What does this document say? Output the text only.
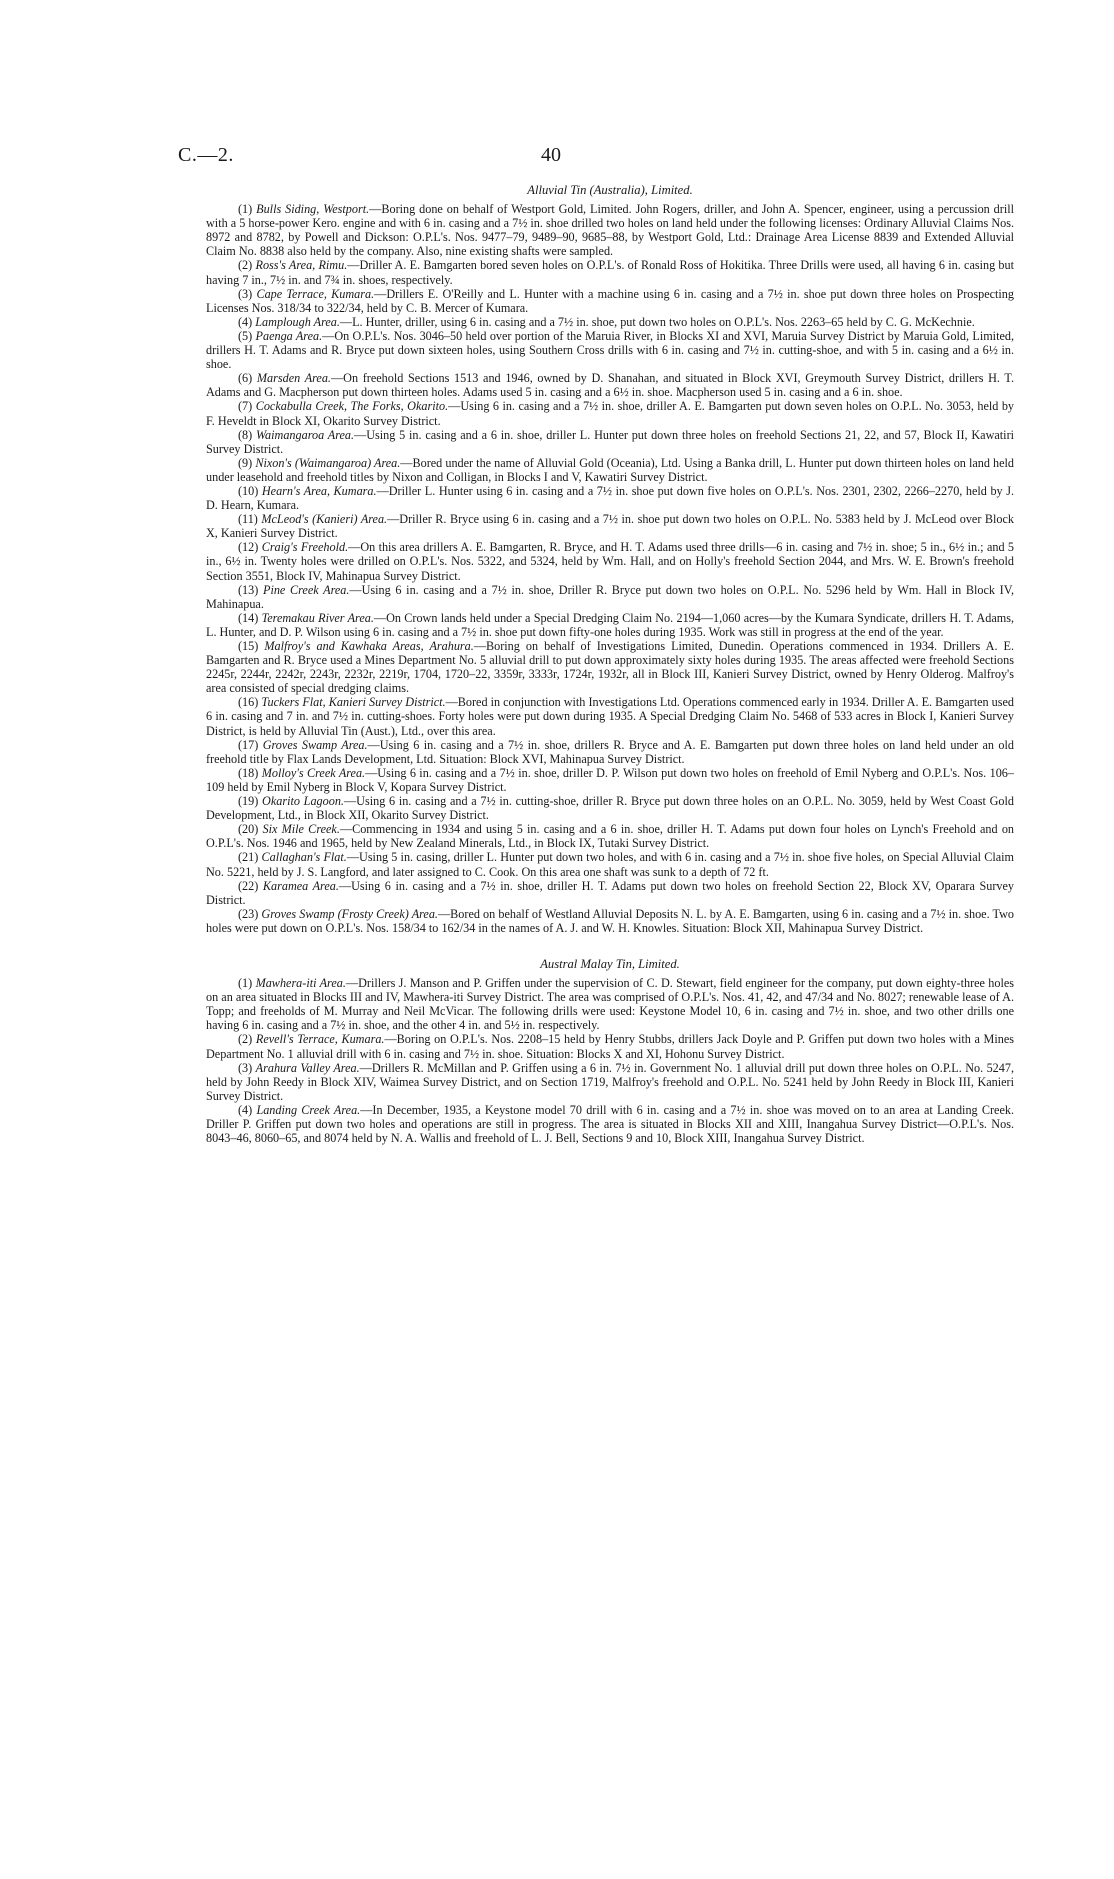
C.—2.	40
Alluvial Tin (Australia), Limited.

(1) Bulls Siding, Westport.—Boring done on behalf of Westport Gold, Limited. John Rogers, driller, and John A. Spencer, engineer, using a percussion drill with a 5 horse-power Kero. engine and with 6 in. casing and a 7½ in. shoe drilled two holes on land held under the following licenses: Ordinary Alluvial Claims Nos. 8972 and 8782, by Powell and Dickson: O.P.L's. Nos. 9477–79, 9489–90, 9685–88, by Westport Gold, Ltd.: Drainage Area License 8839 and Extended Alluvial Claim No. 8838 also held by the company. Also, nine existing shafts were sampled.

(2) Ross's Area, Rimu.—Driller A. E. Bamgarten bored seven holes on O.P.L's. of Ronald Ross of Hokitika. Three Drills were used, all having 6 in. casing but having 7 in., 7½ in. and 7¾ in. shoes, respectively.

(3) Cape Terrace, Kumara.—Drillers E. O'Reilly and L. Hunter with a machine using 6 in. casing and a 7½ in. shoe put down three holes on Prospecting Licenses Nos. 318/34 to 322/34, held by C. B. Mercer of Kumara.

(4) Lamplough Area.—L. Hunter, driller, using 6 in. casing and a 7½ in. shoe, put down two holes on O.P.L's. Nos. 2263–65 held by C. G. McKechnie.

(5) Paenga Area.—On O.P.L's. Nos. 3046–50 held over portion of the Maruia River, in Blocks XI and XVI, Maruia Survey District by Maruia Gold, Limited, drillers H. T. Adams and R. Bryce put down sixteen holes, using Southern Cross drills with 6 in. casing and 7½ in. cutting-shoe, and with 5 in. casing and a 6½ in. shoe.

(6) Marsden Area.—On freehold Sections 1513 and 1946, owned by D. Shanahan, and situated in Block XVI, Greymouth Survey District, drillers H. T. Adams and G. Macpherson put down thirteen holes. Adams used 5 in. casing and a 6½ in. shoe. Macpherson used 5 in. casing and a 6 in. shoe.

(7) Cockabulla Creek, The Forks, Okarito.—Using 6 in. casing and a 7½ in. shoe, driller A. E. Bamgarten put down seven holes on O.P.L. No. 3053, held by F. Heveldt in Block XI, Okarito Survey District.

(8) Waimangaroa Area.—Using 5 in. casing and a 6 in. shoe, driller L. Hunter put down three holes on freehold Sections 21, 22, and 57, Block II, Kawatiri Survey District.

(9) Nixon's (Waimangaroa) Area.—Bored under the name of Alluvial Gold (Oceania), Ltd. Using a Banka drill, L. Hunter put down thirteen holes on land held under leasehold and freehold titles by Nixon and Colligan, in Blocks I and V, Kawatiri Survey District.

(10) Hearn's Area, Kumara.—Driller L. Hunter using 6 in. casing and a 7½ in. shoe put down five holes on O.P.L's. Nos. 2301, 2302, 2266–2270, held by J. D. Hearn, Kumara.

(11) McLeod's (Kanieri) Area.—Driller R. Bryce using 6 in. casing and a 7½ in. shoe put down two holes on O.P.L. No. 5383 held by J. McLeod over Block X, Kanieri Survey District.

(12) Craig's Freehold.—On this area drillers A. E. Bamgarten, R. Bryce, and H. T. Adams used three drills—6 in. casing and 7½ in. shoe; 5 in., 6½ in.; and 5 in., 6½ in. Twenty holes were drilled on O.P.L's. Nos. 5322, and 5324, held by Wm. Hall, and on Holly's freehold Section 2044, and Mrs. W. E. Brown's freehold Section 3551, Block IV, Mahinapua Survey District.

(13) Pine Creek Area.—Using 6 in. casing and a 7½ in. shoe, Driller R. Bryce put down two holes on O.P.L. No. 5296 held by Wm. Hall in Block IV, Mahinapua.

(14) Teremakau River Area.—On Crown lands held under a Special Dredging Claim No. 2194—1,060 acres—by the Kumara Syndicate, drillers H. T. Adams, L. Hunter, and D. P. Wilson using 6 in. casing and a 7½ in. shoe put down fifty-one holes during 1935. Work was still in progress at the end of the year.

(15) Malfroy's and Kawhaka Areas, Arahura.—Boring on behalf of Investigations Limited, Dunedin. Operations commenced in 1934. Drillers A. E. Bamgarten and R. Bryce used a Mines Department No. 5 alluvial drill to put down approximately sixty holes during 1935. The areas affected were freehold Sections 2245r, 2244r, 2242r, 2243r, 2232r, 2219r, 1704, 1720–22, 3359r, 3333r, 1724r, 1932r, all in Block III, Kanieri Survey District, owned by Henry Olderog. Malfroy's area consisted of special dredging claims.

(16) Tuckers Flat, Kanieri Survey District.—Bored in conjunction with Investigations Ltd. Operations commenced early in 1934. Driller A. E. Bamgarten used 6 in. casing and 7 in. and 7½ in. cutting-shoes. Forty holes were put down during 1935. A Special Dredging Claim No. 5468 of 533 acres in Block I, Kanieri Survey District, is held by Alluvial Tin (Aust.), Ltd., over this area.

(17) Groves Swamp Area.—Using 6 in. casing and a 7½ in. shoe, drillers R. Bryce and A. E. Bamgarten put down three holes on land held under an old freehold title by Flax Lands Development, Ltd. Situation: Block XVI, Mahinapua Survey District.

(18) Molloy's Creek Area.—Using 6 in. casing and a 7½ in. shoe, driller D. P. Wilson put down two holes on freehold of Emil Nyberg and O.P.L's. Nos. 106–109 held by Emil Nyberg in Block V, Kopara Survey District.

(19) Okarito Lagoon.—Using 6 in. casing and a 7½ in. cutting-shoe, driller R. Bryce put down three holes on an O.P.L. No. 3059, held by West Coast Gold Development, Ltd., in Block XII, Okarito Survey District.

(20) Six Mile Creek.—Commencing in 1934 and using 5 in. casing and a 6 in. shoe, driller H. T. Adams put down four holes on Lynch's Freehold and on O.P.L's. Nos. 1946 and 1965, held by New Zealand Minerals, Ltd., in Block IX, Tutaki Survey District.

(21) Callaghan's Flat.—Using 5 in. casing, driller L. Hunter put down two holes, and with 6 in. casing and a 7½ in. shoe five holes, on Special Alluvial Claim No. 5221, held by J. S. Langford, and later assigned to C. Cook. On this area one shaft was sunk to a depth of 72 ft.

(22) Karamea Area.—Using 6 in. casing and a 7½ in. shoe, driller H. T. Adams put down two holes on freehold Section 22, Block XV, Oparara Survey District.

(23) Groves Swamp (Frosty Creek) Area.—Bored on behalf of Westland Alluvial Deposits N. L. by A. E. Bamgarten, using 6 in. casing and a 7½ in. shoe. Two holes were put down on O.P.L's. Nos. 158/34 to 162/34 in the names of A. J. and W. H. Knowles. Situation: Block XII, Mahinapua Survey District.

Austral Malay Tin, Limited.

(1) Mawhera-iti Area.—Drillers J. Manson and P. Griffen under the supervision of C. D. Stewart, field engineer for the company, put down eighty-three holes on an area situated in Blocks III and IV, Mawhera-iti Survey District. The area was comprised of O.P.L's. Nos. 41, 42, and 47/34 and No. 8027; renewable lease of A. Topp; and freeholds of M. Murray and Neil McVicar. The following drills were used: Keystone Model 10, 6 in. casing and 7½ in. shoe, and two other drills one having 6 in. casing and a 7½ in. shoe, and the other 4 in. and 5½ in. respectively.

(2) Revell's Terrace, Kumara.—Boring on O.P.L's. Nos. 2208–15 held by Henry Stubbs, drillers Jack Doyle and P. Griffen put down two holes with a Mines Department No. 1 alluvial drill with 6 in. casing and 7½ in. shoe. Situation: Blocks X and XI, Hohonu Survey District.

(3) Arahura Valley Area.—Drillers R. McMillan and P. Griffen using a 6 in. 7½ in. Government No. 1 alluvial drill put down three holes on O.P.L. No. 5247, held by John Reedy in Block XIV, Waimea Survey District, and on Section 1719, Malfroy's freehold and O.P.L. No. 5241 held by John Reedy in Block III, Kanieri Survey District.

(4) Landing Creek Area.—In December, 1935, a Keystone model 70 drill with 6 in. casing and a 7½ in. shoe was moved on to an area at Landing Creek. Driller P. Griffen put down two holes and operations are still in progress. The area is situated in Blocks XII and XIII, Inangahua Survey District—O.P.L's. Nos. 8043–46, 8060–65, and 8074 held by N. A. Wallis and freehold of L. J. Bell, Sections 9 and 10, Block XIII, Inangahua Survey District.
